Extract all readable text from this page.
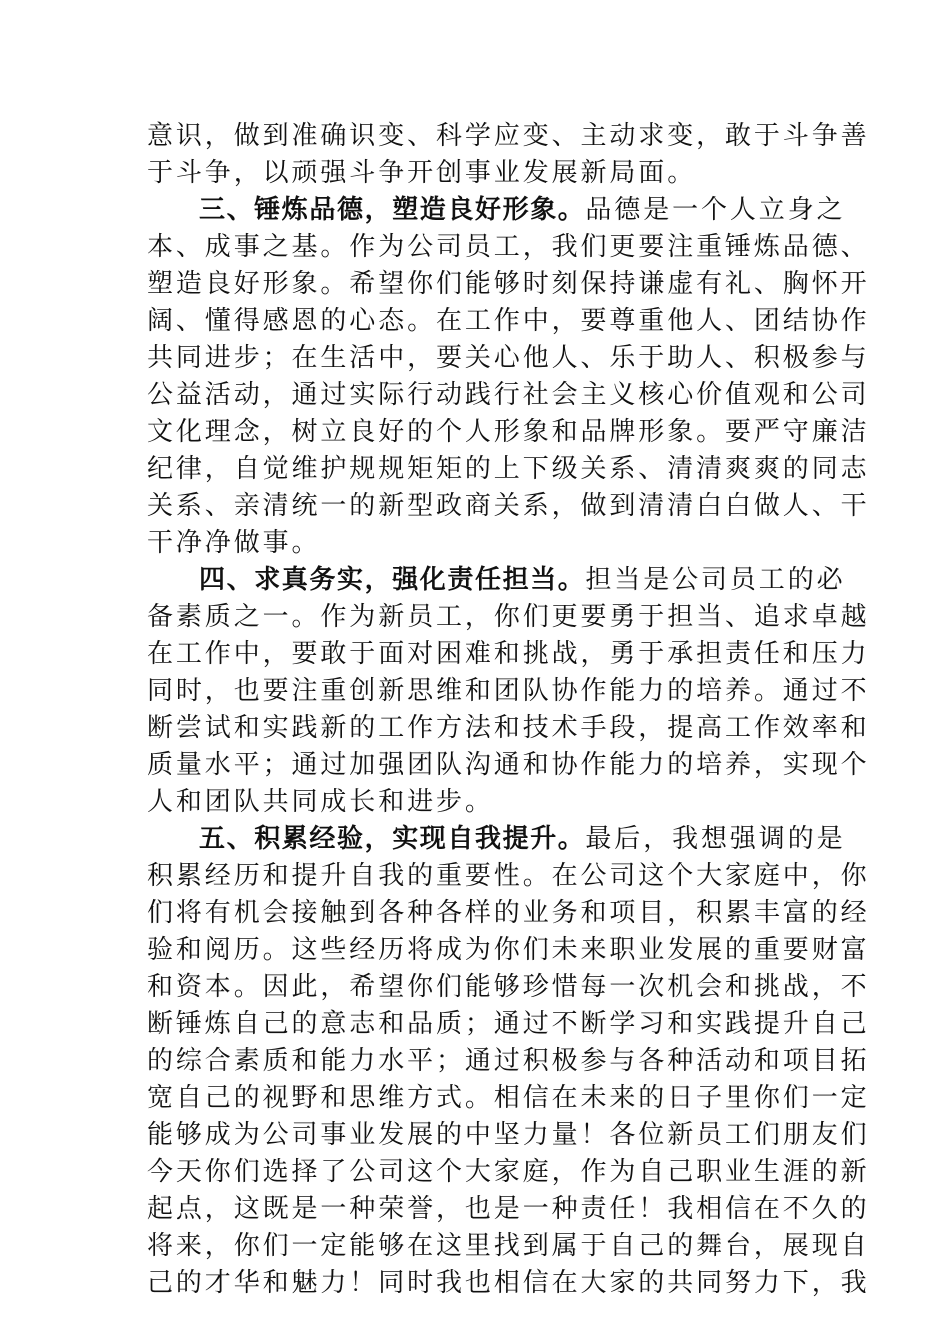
意识，做到准确识变、科学应变、主动求变，敢于斗争善
于斗争，以顽强斗争开创事业发展新局面。
三、锤炼品德，塑造良好形象。品德是一个人立身之
本、成事之基。作为公司员工，我们更要注重锤炼品德、
塑造良好形象。希望你们能够时刻保持谦虚有礼、胸怀开
阔、懂得感恩的心态。在工作中，要尊重他人、团结协作
共同进步；在生活中，要关心他人、乐于助人、积极参与
公益活动，通过实际行动践行社会主义核心价值观和公司
文化理念，树立良好的个人形象和品牌形象。要严守廉洁
纪律，自觉维护规规矩矩的上下级关系、清清爽爽的同志
关系、亲清统一的新型政商关系，做到清清白白做人、干
干净净做事。
四、求真务实，强化责任担当。担当是公司员工的必
备素质之一。作为新员工，你们更要勇于担当、追求卓越
在工作中，要敢于面对困难和挑战，勇于承担责任和压力
同时，也要注重创新思维和团队协作能力的培养。通过不
断尝试和实践新的工作方法和技术手段，提高工作效率和
质量水平；通过加强团队沟通和协作能力的培养，实现个
人和团队共同成长和进步。
五、积累经验，实现自我提升。最后，我想强调的是
积累经历和提升自我的重要性。在公司这个大家庭中，你
们将有机会接触到各种各样的业务和项目，积累丰富的经
验和阅历。这些经历将成为你们未来职业发展的重要财富
和资本。因此，希望你们能够珍惜每一次机会和挑战，不
断锤炼自己的意志和品质；通过不断学习和实践提升自己
的综合素质和能力水平；通过积极参与各种活动和项目拓
宽自己的视野和思维方式。相信在未来的日子里你们一定
能够成为公司事业发展的中坚力量！各位新员工们朋友们
今天你们选择了公司这个大家庭，作为自己职业生涯的新
起点，这既是一种荣誉，也是一种责任！我相信在不久的
将来，你们一定能够在这里找到属于自己的舞台，展现自
己的才华和魅力！同时我也相信在大家的共同努力下，我
